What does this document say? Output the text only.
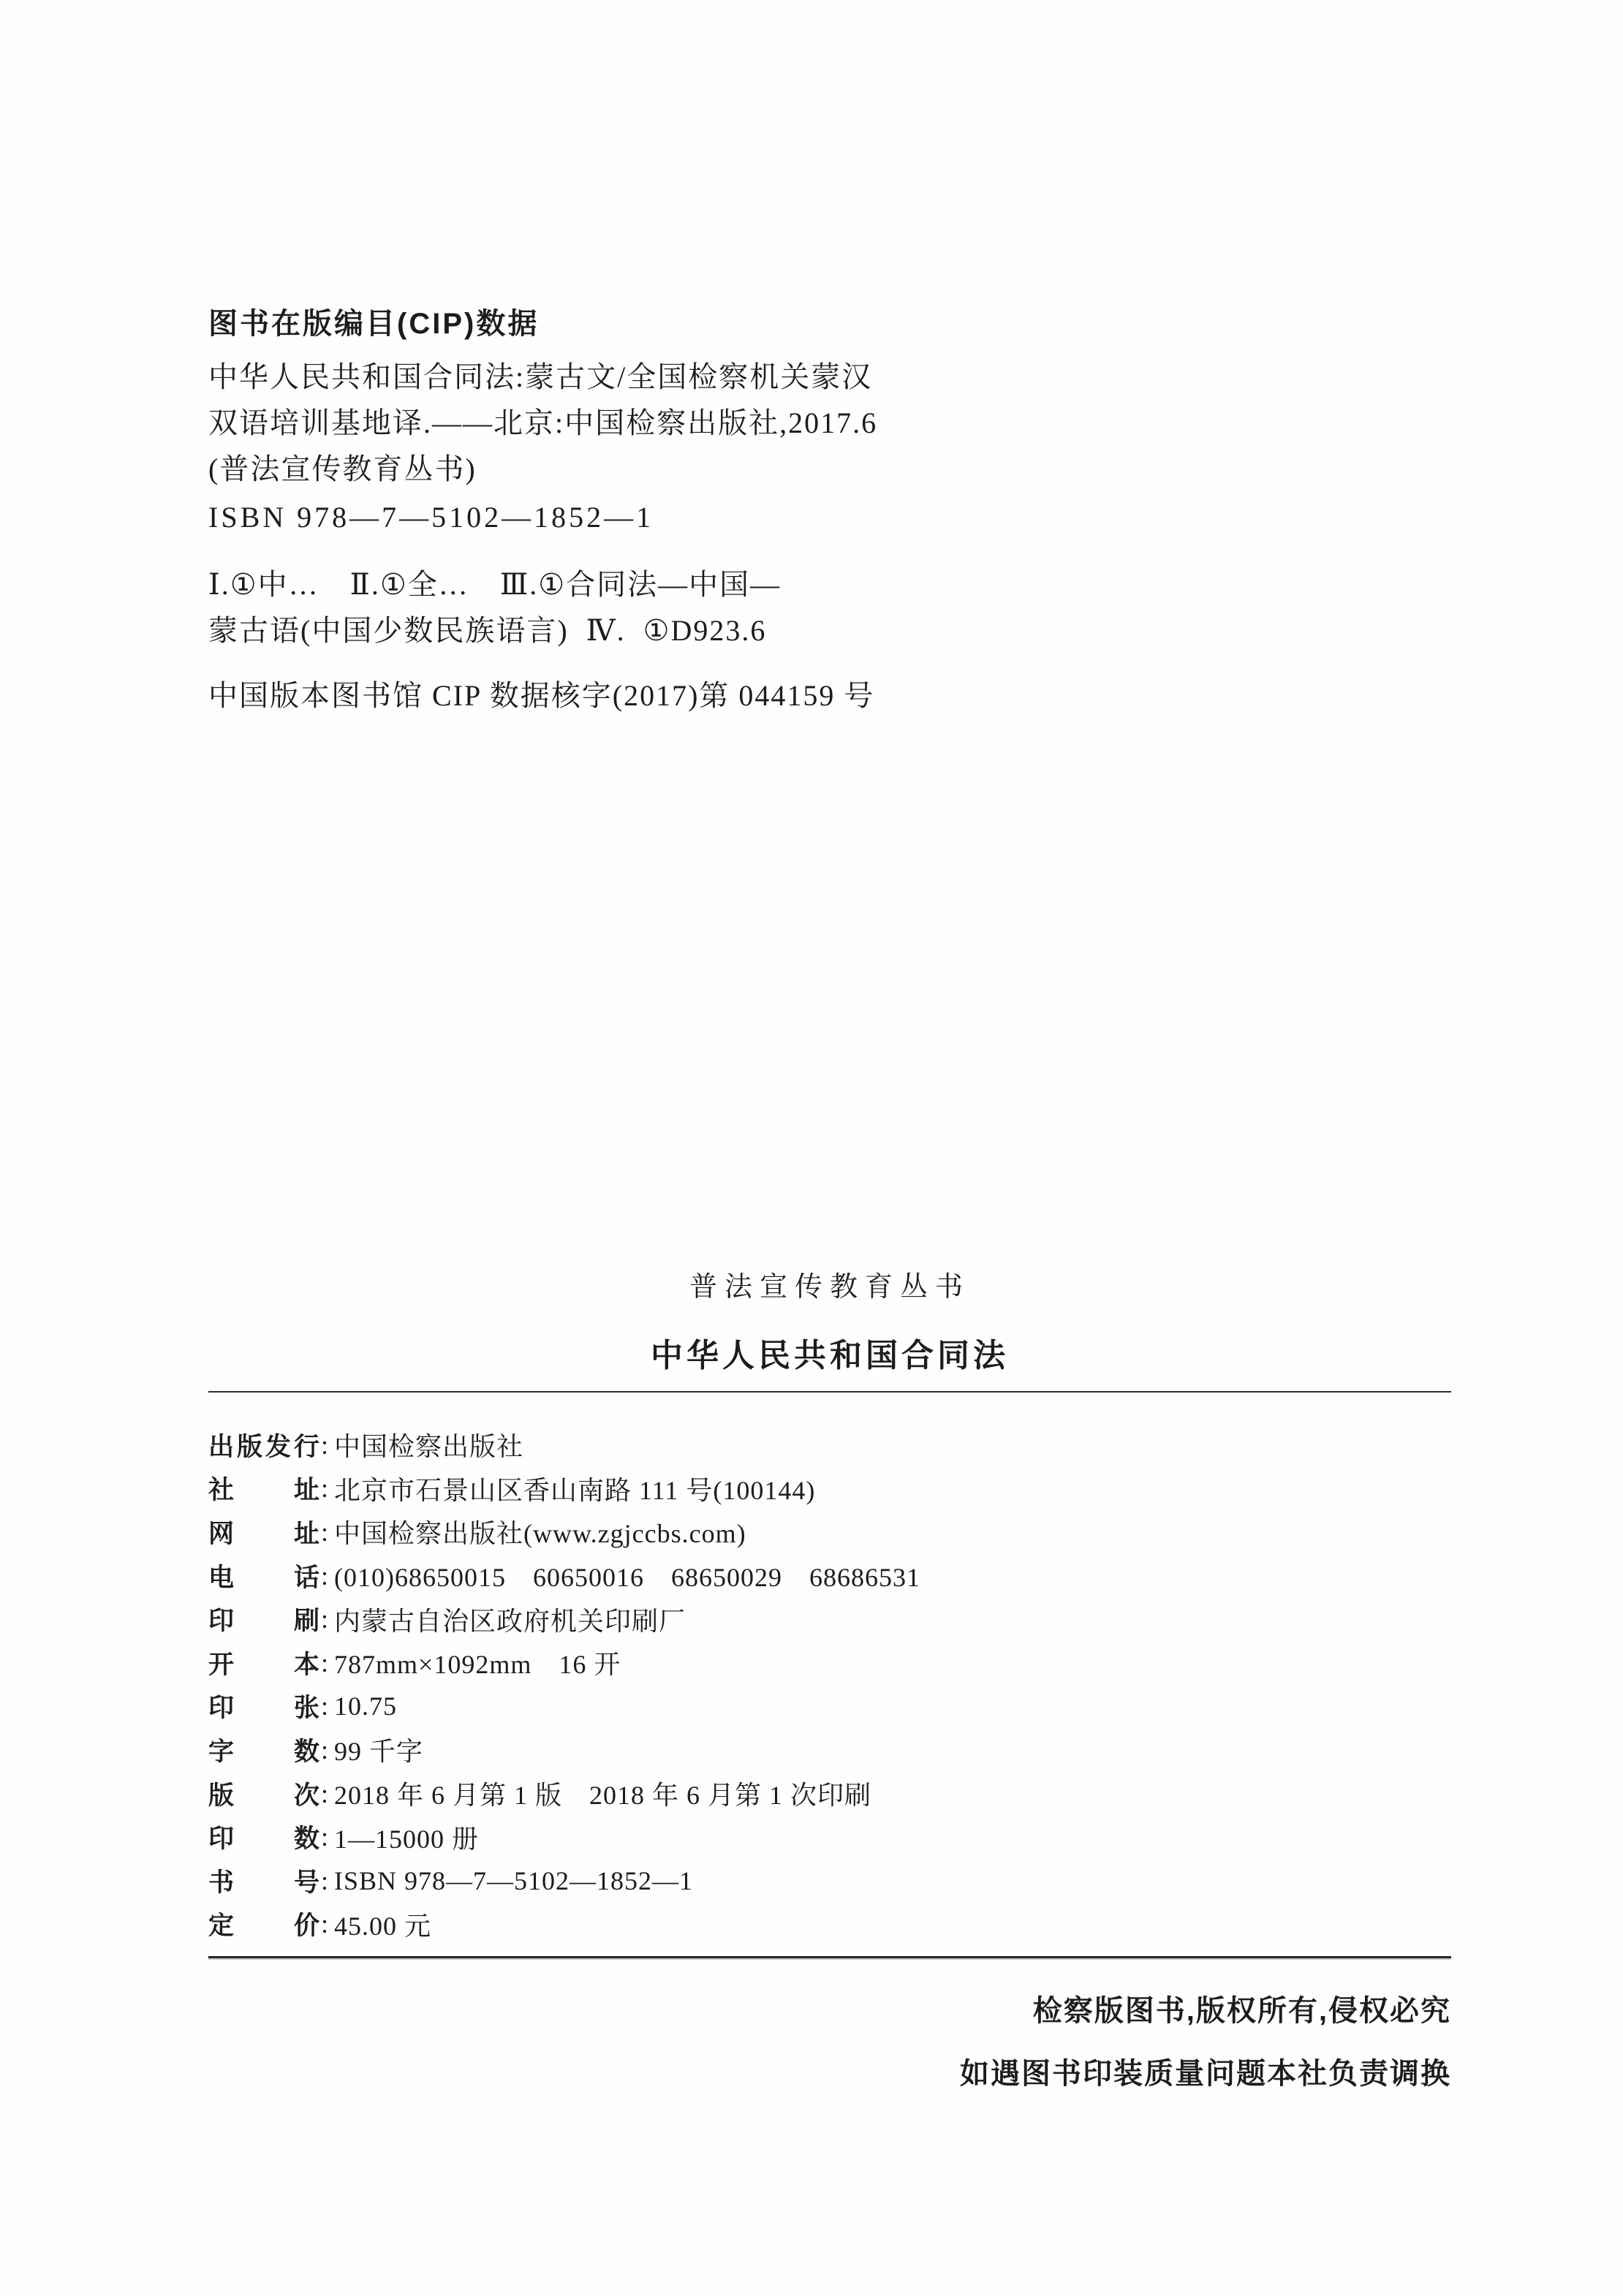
图书在版编目(CIP)数据
中华人民共和国合同法:蒙古文/全国检察机关蒙汉
双语培训基地译.——北京:中国检察出版社,2017.6
(普法宣传教育丛书)
ISBN 978—7—5102—1852—1
Ⅰ.①中…　Ⅱ.①全…　Ⅲ.①合同法—中国—
蒙古语(中国少数民族语言)  Ⅳ.  ①D923.6
中国版本图书馆 CIP 数据核字(2017)第 044159 号
普法宣传教育丛书
中华人民共和国合同法
出版发行 : 中国检察出版社
社址 : 北京市石景山区香山南路 111 号(100144)
网址 : 中国检察出版社(www.zgjccbs.com)
电话 : (010)68650015　60650016　68650029　68686531
印刷 : 内蒙古自治区政府机关印刷厂
开本 : 787mm×1092mm　16 开
印张 : 10.75
字数 : 99 千字
版次 : 2018 年 6 月第 1 版　2018 年 6 月第 1 次印刷
印数 : 1—15000 册
书号 : ISBN 978—7—5102—1852—1
定价 : 45.00 元
检察版图书,版权所有,侵权必究
如遇图书印装质量问题本社负责调换
